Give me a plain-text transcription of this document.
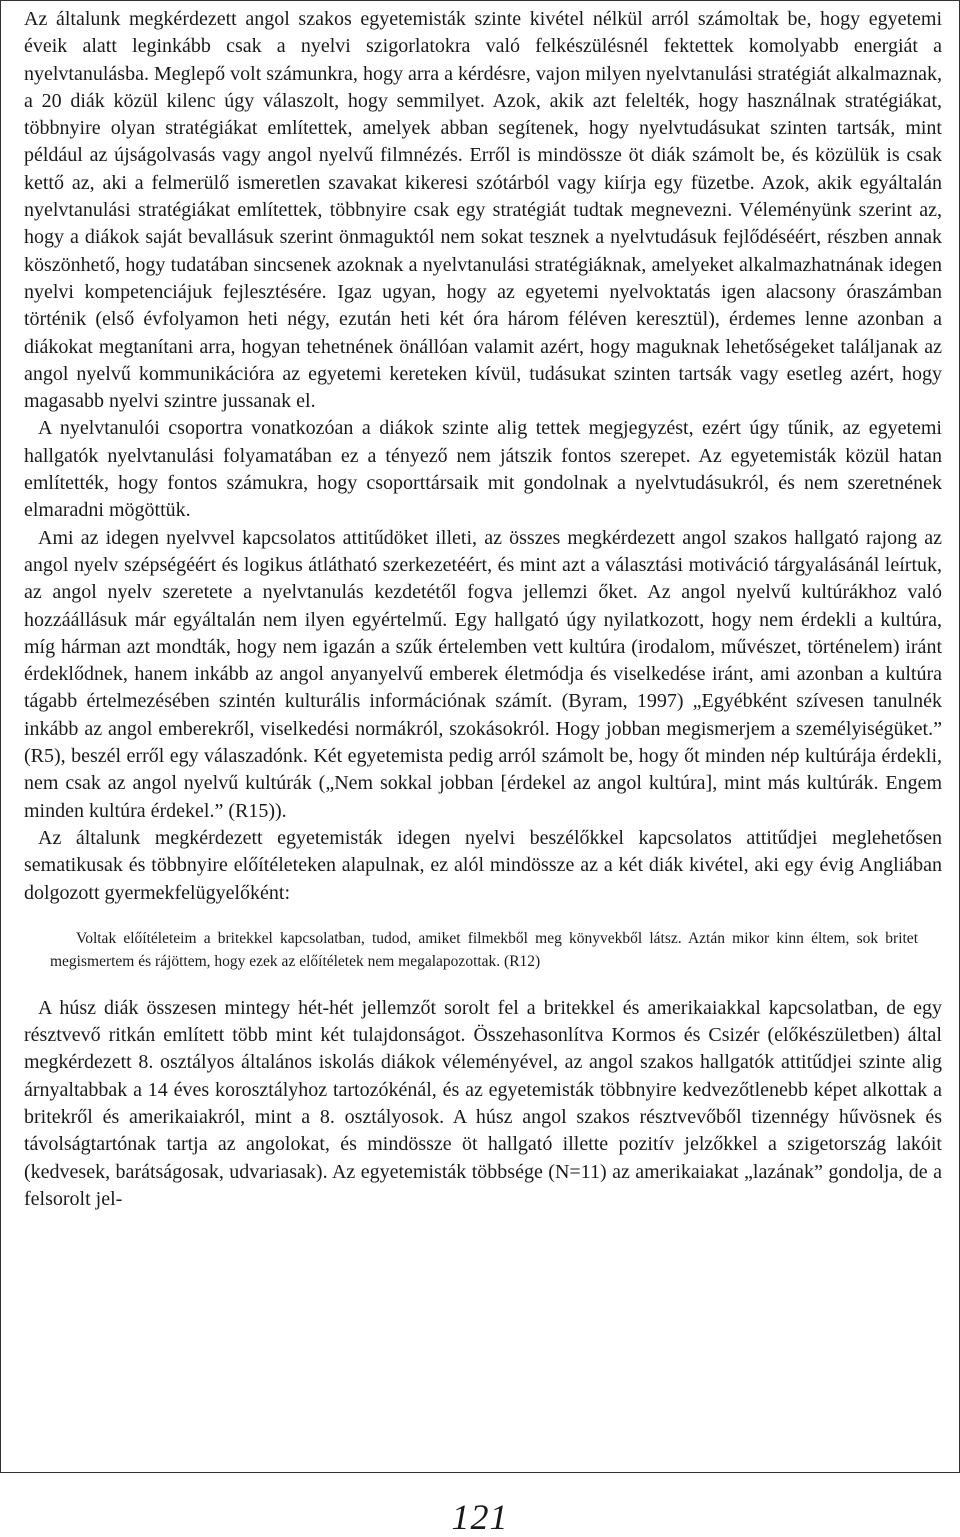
Az általunk megkérdezett angol szakos egyetemisták szinte kivétel nélkül arról számoltak be, hogy egyetemi éveik alatt leginkább csak a nyelvi szigorlatokra való felkészülésnél fektettek komolyabb energiát a nyelvtanulásba. Meglepő volt számunkra, hogy arra a kérdésre, vajon milyen nyelvtanulási stratégiát alkalmaznak, a 20 diák közül kilenc úgy válaszolt, hogy semmilyet. Azok, akik azt felelték, hogy használnak stratégiákat, többnyire olyan stratégiákat említettek, amelyek abban segítenek, hogy nyelvtudásukat szinten tartsák, mint például az újságolvasás vagy angol nyelvű filmnézés. Erről is mindössze öt diák számolt be, és közülük is csak kettő az, aki a felmerülő ismeretlen szavakat kikeresi szótárból vagy kiírja egy füzetbe. Azok, akik egyáltalán nyelvtanulási stratégiákat említettek, többnyire csak egy stratégiát tudtak megnevezni. Véleményünk szerint az, hogy a diákok saját bevallásuk szerint önmaguktól nem sokat tesznek a nyelvtudásuk fejlődéséért, részben annak köszönhető, hogy tudatában sincsenek azoknak a nyelvtanulási stratégiáknak, amelyeket alkalmazhatnának idegen nyelvi kompetenciájuk fejlesztésére. Igaz ugyan, hogy az egyetemi nyelvoktatás igen alacsony óraszámban történik (első évfolyamon heti négy, ezután heti két óra három féléven keresztül), érdemes lenne azonban a diákokat megtanítani arra, hogyan tehetnének önállóan valamit azért, hogy maguknak lehetőségeket találjanak az angol nyelvű kommunikációra az egyetemi kereteken kívül, tudásukat szinten tartsák vagy esetleg azért, hogy magasabb nyelvi szintre jussanak el.

A nyelvtanulói csoportra vonatkozóan a diákok szinte alig tettek megjegyzést, ezért úgy tűnik, az egyetemi hallgatók nyelvtanulási folyamatában ez a tényező nem játszik fontos szerepet. Az egyetemisták közül hatan említették, hogy fontos számukra, hogy csoporttársaik mit gondolnak a nyelvtudásukról, és nem szeretnének elmaradni mögöttük.

Ami az idegen nyelvvel kapcsolatos attitűdöket illeti, az összes megkérdezett angol szakos hallgató rajong az angol nyelv szépségéért és logikus átlátható szerkezetéért, és mint azt a választási motiváció tárgyalásánál leírtuk, az angol nyelv szeretete a nyelvtanulás kezdetétől fogva jellemzi őket. Az angol nyelvű kultúrákhoz való hozzáállásuk már egyáltalán nem ilyen egyértelmű. Egy hallgató úgy nyilatkozott, hogy nem érdekli a kultúra, míg hárman azt mondták, hogy nem igazán a szűk értelemben vett kultúra (irodalom, művészet, történelem) iránt érdeklődnek, hanem inkább az angol anyanyelvű emberek életmódja és viselkedése iránt, ami azonban a kultúra tágabb értelmezésében szintén kulturális információnak számít. (Byram, 1997) „Egyébként szívesen tanulnék inkább az angol emberekről, viselkedési normákról, szokásokról. Hogy jobban megismerjem a személyiségüket.” (R5), beszél erről egy válaszadónk. Két egyetemista pedig arról számolt be, hogy őt minden nép kultúrája érdekli, nem csak az angol nyelvű kultúrák („Nem sokkal jobban [érdekel az angol kultúra], mint más kultúrák. Engem minden kultúra érdekel.” (R15)).

Az általunk megkérdezett egyetemisták idegen nyelvi beszélőkkel kapcsolatos attitűdjei meglehetősen sematikusak és többnyire előítéleteken alapulnak, ez alól mindössze az a két diák kivétel, aki egy évig Angliában dolgozott gyermekfelügyelőként:

Voltak előítéleteim a britekkel kapcsolatban, tudod, amiket filmekből meg könyvekből látsz. Aztán mikor kinn éltem, sok britet megismertem és rájöttem, hogy ezek az előítéletek nem megalapozottak. (R12)

A húsz diák összesen mintegy hét-hét jellemzőt sorolt fel a britekkel és amerikaiakkal kapcsolatban, de egy résztvevő ritkán említett több mint két tulajdonságot. Összehasonlítva Kormos és Csizér (előkészületben) által megkérdezett 8. osztályos általános iskolás diákok véleményével, az angol szakos hallgatók attitűdjei szinte alig árnyaltabbak a 14 éves korosztályhoz tartozókénál, és az egyetemisták többnyire kedvezőtlenebb képet alkottak a britekről és amerikaiakról, mint a 8. osztályosok. A húsz angol szakos résztvevőből tizennégy hűvösnek és távolságtartónak tartja az angolokat, és mindössze öt hallgató illette pozitív jelzőkkel a szigetország lakóit (kedvesek, barátságosak, udvariasak). Az egyetemisták többsége (N=11) az amerikaiakat „lazának” gondolja, de a felsorolt jel-

121
